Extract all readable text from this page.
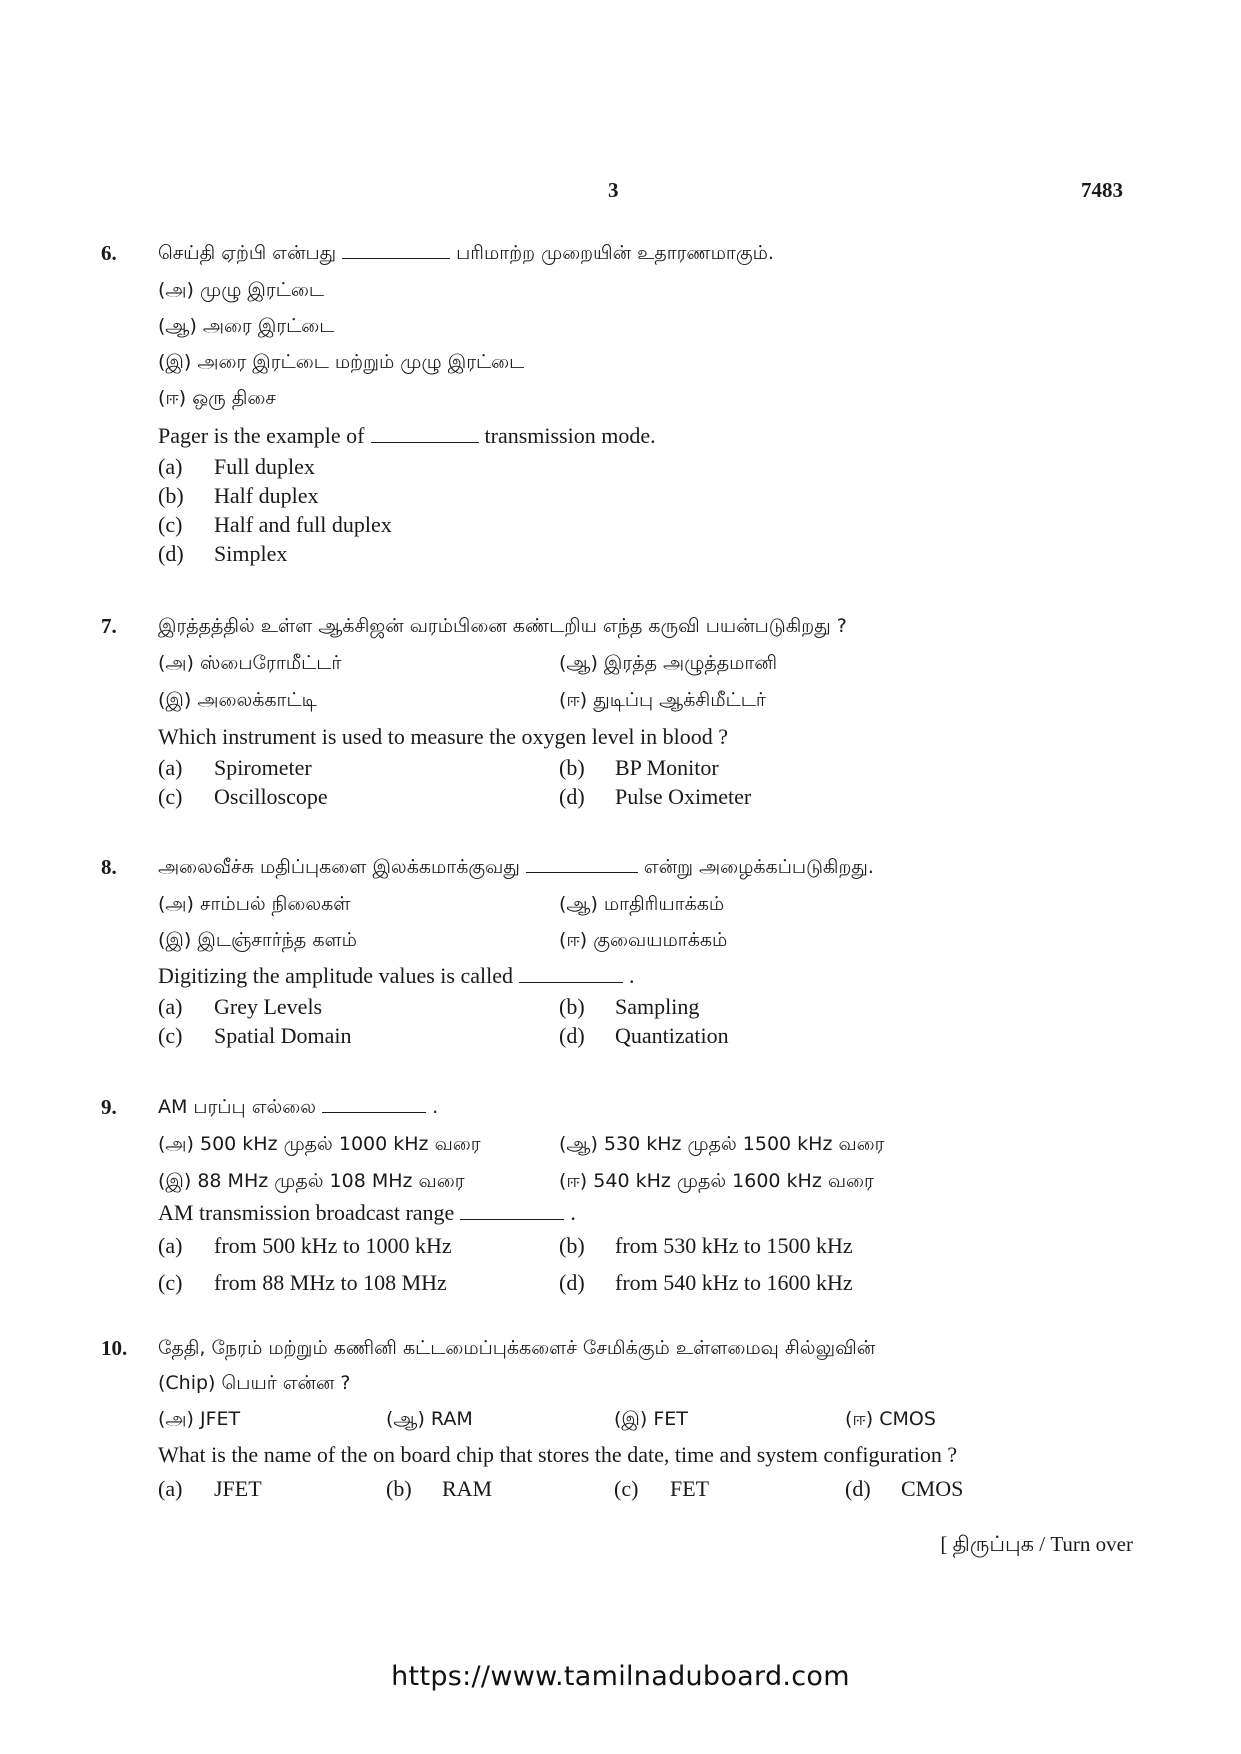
3	7483
6. செய்தி ஏற்பி என்பது	பரிமாற்ற முறையின் உதாரணமாகும்.
(அ) முழு இரட்டை
(ஆ) அரை இரட்டை
(இ) அரை இரட்டை மற்றும் முழு இரட்டை
(ஈ) ஒரு திசை
Pager is the example of	transmission mode.
(a) Full duplex
(b) Half duplex
(c) Half and full duplex
(d) Simplex
7. இரத்தத்தில் உள்ள ஆக்சிஜன் வரம்பினை கண்டறிய எந்த கருவி பயன்படுகிறது ?
(அ) ஸ்பைரோமீட்டர்	(ஆ) இரத்த அழுத்தமானி
(இ) அலைக்காட்டி	(ஈ) துடிப்பு ஆக்சிமீட்டர்
Which instrument is used to measure the oxygen level in blood ?
(a) Spirometer	(b) BP Monitor
(c) Oscilloscope	(d) Pulse Oximeter
8. அலைவீச்சு மதிப்புகளை இலக்கமாக்குவது	என்று அழைக்கப்படுகிறது.
(அ) சாம்பல் நிலைகள்	(ஆ) மாதிரியாக்கம்
(இ) இடஞ்சார்ந்த களம்	(ஈ) குவையமாக்கம்
Digitizing the amplitude values is called	.
(a) Grey Levels	(b) Sampling
(c) Spatial Domain	(d) Quantization
9. AM பரப்பு எல்லை	.
(அ) 500 kHz முதல் 1000 kHz வரை	(ஆ) 530 kHz முதல் 1500 kHz வரை
(இ) 88 MHz முதல் 108 MHz வரை	(ஈ) 540 kHz முதல் 1600 kHz வரை
AM transmission broadcast range	.
(a) from 500 kHz to 1000 kHz	(b) from 530 kHz to 1500 kHz
(c) from 88 MHz to 108 MHz	(d) from 540 kHz to 1600 kHz
10. தேதி, நேரம் மற்றும் கணினி கட்டமைப்புக்களைச் சேமிக்கும் உள்ளமைவு சில்லுவின்
(Chip) பெயர் என்ன ?
(அ) JFET	(ஆ) RAM	(இ) FET	(ஈ) CMOS
What is the name of the on board chip that stores the date, time and system configuration ?
(a) JFET	(b) RAM	(c) FET	(d) CMOS
[ திருப்புக / Turn over
https://www.tamilnaduboard.com
